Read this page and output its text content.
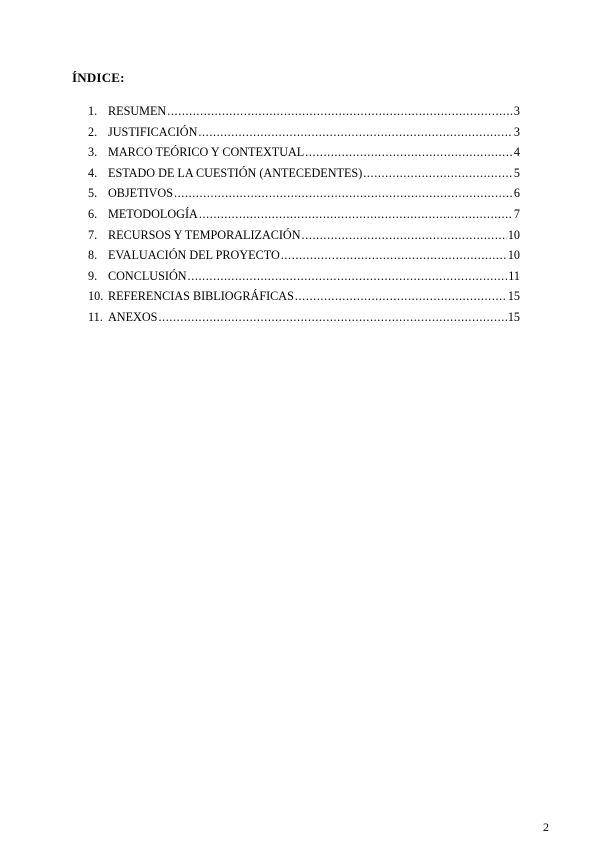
ÍNDICE:
1. RESUMEN .....	3
2. JUSTIFICACIÓN .....	3
3. MARCO TEÓRICO Y CONTEXTUAL .....	4
4. ESTADO DE LA CUESTIÓN (ANTECEDENTES) .....	5
5. OBJETIVOS .....	6
6. METODOLOGÍA .....	7
7. RECURSOS Y TEMPORALIZACIÓN .....	10
8. EVALUACIÓN DEL PROYECTO .....	10
9. CONCLUSIÓN .....	11
10. REFERENCIAS BIBLIOGRÁFICAS .....	15
11. ANEXOS .....	15
2
